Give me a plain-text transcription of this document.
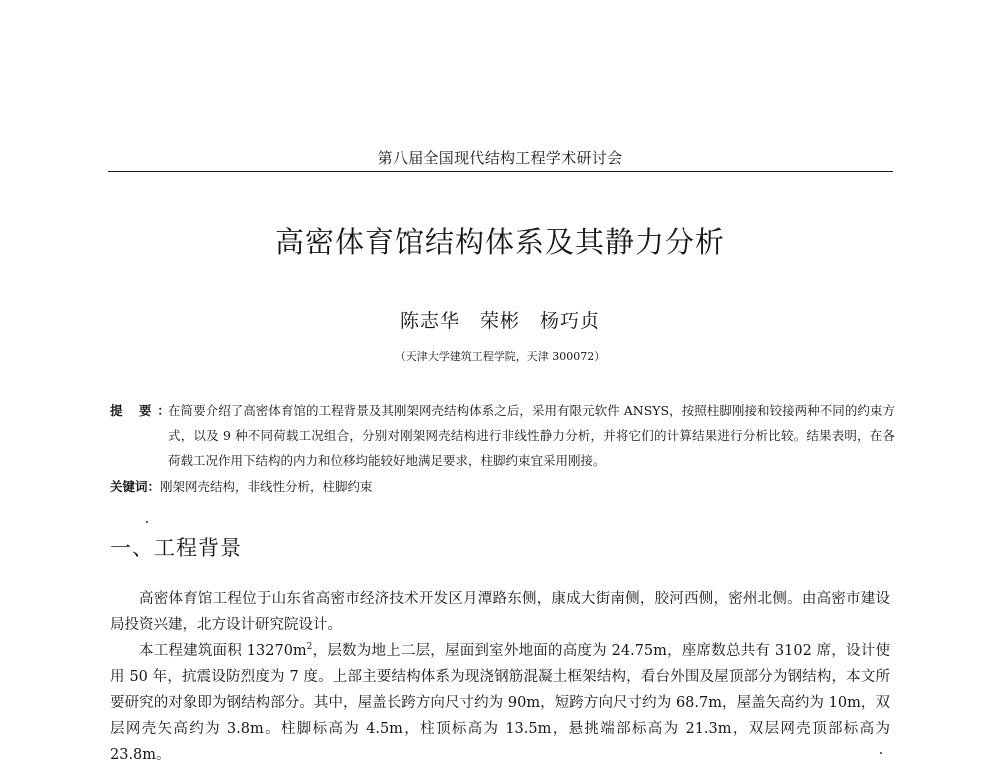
第八届全国现代结构工程学术研讨会
高密体育馆结构体系及其静力分析
陈志华　荣彬　杨巧贞
（天津大学建筑工程学院，天津 300072）
提 要：
在简要介绍了高密体育馆的工程背景及其刚架网壳结构体系之后，采用有限元软件 ANSYS，按照柱脚刚接和铰接两种不同的约束方式，以及 9 种不同荷载工况组合，分别对刚架网壳结构进行非线性静力分析，并将它们的计算结果进行分析比较。结果表明，在各荷载工况作用下结构的内力和位移均能较好地满足要求，柱脚约束宜采用刚接。
关键词：刚架网壳结构，非线性分析，柱脚约束
一、工程背景

高密体育馆工程位于山东省高密市经济技术开发区月潭路东侧，康成大街南侧，胶河西侧，密州北侧。由高密市建设局投资兴建，北方设计研究院设计。

本工程建筑面积 $13270m^2$，层数为地上二层，屋面到室外地面的高度为 24.75m，座席数总共有 3102 席，设计使用 50 年，抗震设防烈度为 7 度。上部主要结构体系为现浇钢筋混凝土框架结构，看台外围及屋顶部分为钢结构，本文所要研究的对象即为钢结构部分。其中，屋盖长跨方向尺寸约为 90m，短跨方向尺寸约为 68.7m，屋盖矢高约为 10m，双层网壳矢高约为 3.8m。柱脚标高为 4.5m，柱顶标高为 13.5m，悬挑端部标高为 21.3m，双层网壳顶部标高为 23.8m。
